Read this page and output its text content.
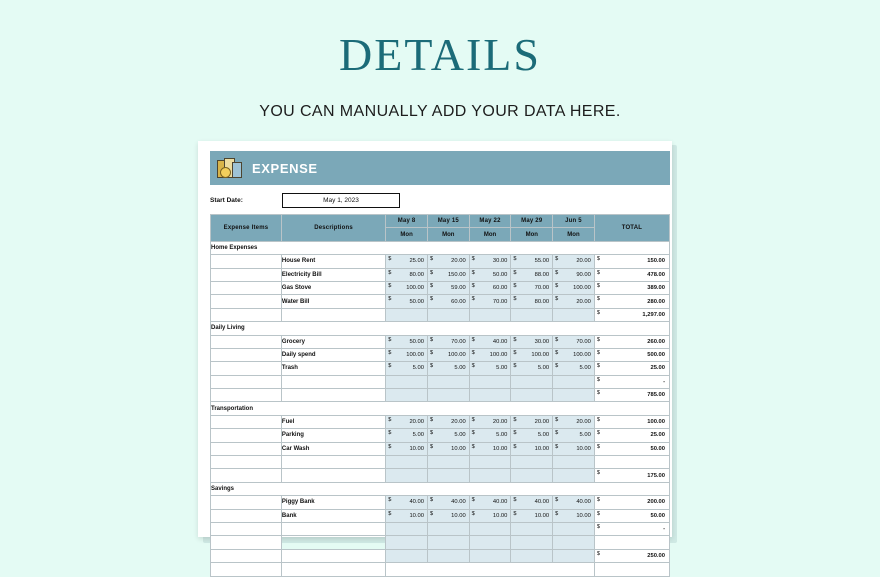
DETAILS
YOU CAN MANUALLY ADD YOUR DATA HERE.
EXPENSE
Start Date:	May 1, 2023
Expense Items	Descriptions	May 8	May 15	May 22	May 29	Jun 5	TOTAL
		Mon	Mon	Mon	Mon	Mon	
Home Expenses							
	House Rent	$ 25.00	$ 20.00	$ 30.00	$ 55.00	$ 20.00	$ 150.00

	Electricity Bill	$ 80.00	$ 150.00	$ 50.00	$ 88.00	$ 90.00	$ 478.00

	Gas Stove	$ 100.00	$ 59.00	$ 60.00	$ 70.00	$ 100.00	$ 389.00

	Water Bill	$ 50.00	$ 60.00	$ 70.00	$ 80.00	$ 20.00	$ 280.00

							$ 1,297.00

Daily Living							
	Grocery	$ 50.00	$ 70.00	$ 40.00	$ 30.00	$ 70.00	$ 260.00

	Daily spend	$ 100.00	$ 100.00	$ 100.00	$ 100.00	$ 100.00	$ 500.00

	Trash	$ 5.00	$ 5.00	$ 5.00	$ 5.00	$ 5.00	$ 25.00

							$ -

							$ 785.00

Transportation							
	Fuel	$ 20.00	$ 20.00	$ 20.00	$ 20.00	$ 20.00	$ 100.00

	Parking	$ 5.00	$ 5.00	$ 5.00	$ 5.00	$ 5.00	$ 25.00

	Car Wash	$ 10.00	$ 10.00	$ 10.00	$ 10.00	$ 10.00	$ 50.00

							$ 175.00

Savings							
	Piggy Bank	$ 40.00	$ 40.00	$ 40.00	$ 40.00	$ 40.00	$ 200.00

	Bank	$ 10.00	$ 10.00	$ 10.00	$ 10.00	$ 10.00	$ 50.00

							$ -

							$ 250.00
